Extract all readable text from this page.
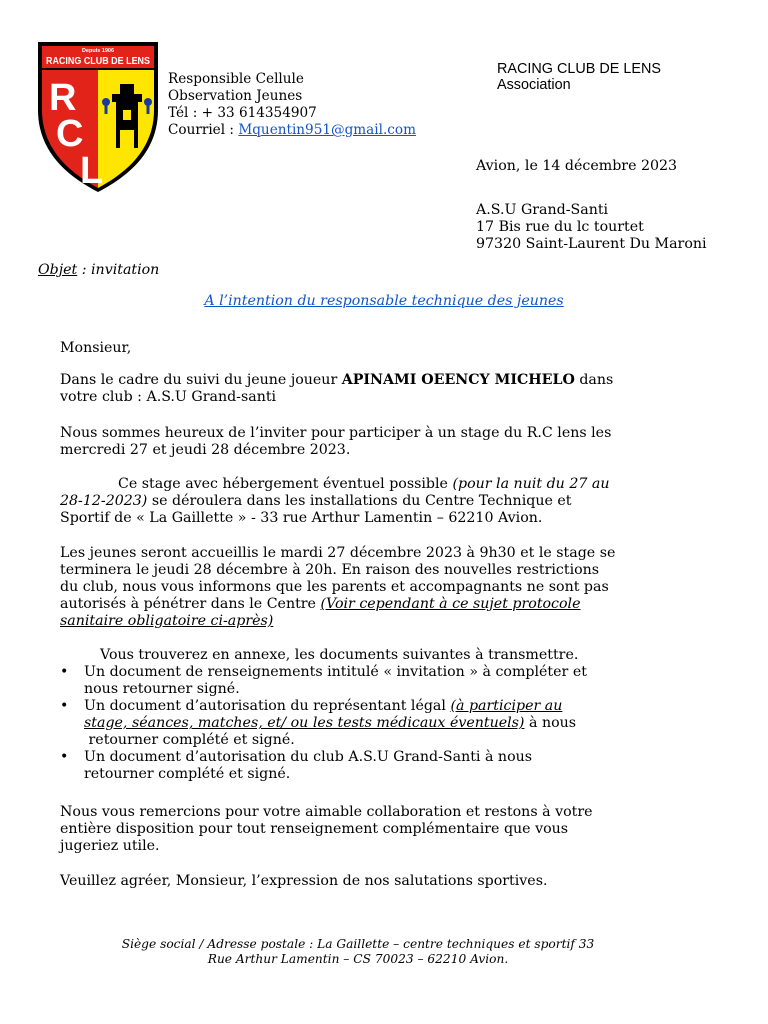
Depuis 1906
RACING CLUB DE LENS
R
C
L
Responsible Cellule
Observation Jeunes
Tél : + 33 614354907
Courriel : Mquentin951@gmail.com
RACING CLUB DE LENS
Association
Avion, le 14 décembre 2023
A.S.U Grand-Santi
17 Bis rue du lc tourtet
97320 Saint-Laurent Du Maroni
Objet : invitation
A l’intention du responsable technique des jeunes
Monsieur,
Dans le cadre du suivi du jeune joueur APINAMI OEENCY MICHELO dans
votre club : A.S.U Grand-santi
Nous sommes heureux de l’inviter pour participer à un stage du R.C lens les
mercredi 27 et jeudi 28 décembre 2023.
Ce stage avec hébergement éventuel possible (pour la nuit du 27 au
28-12-2023) se déroulera dans les installations du Centre Technique et
Sportif de « La Gaillette » - 33 rue Arthur Lamentin – 62210 Avion.
Les jeunes seront accueillis le mardi 27 décembre 2023 à 9h30 et le stage se
terminera le jeudi 28 décembre à 20h. En raison des nouvelles restrictions
du club, nous vous informons que les parents et accompagnants ne sont pas
autorisés à pénétrer dans le Centre (Voir cependant à ce sujet protocole
sanitaire obligatoire ci-après)
Vous trouverez en annexe, les documents suivantes à transmettre.
• Un document de renseignements intitulé « invitation » à compléter et
nous retourner signé.
• Un document d’autorisation du représentant légal (à participer au
stage, séances, matches, et/ ou les tests médicaux éventuels) à nous
retourner complété et signé.
• Un document d’autorisation du club A.S.U Grand-Santi à nous
retourner complété et signé.
Nous vous remercions pour votre aimable collaboration et restons à votre
entière disposition pour tout renseignement complémentaire que vous
jugeriez utile.
Veuillez agréer, Monsieur, l’expression de nos salutations sportives.
Siège social / Adresse postale : La Gaillette – centre techniques et sportif 33
Rue Arthur Lamentin – CS 70023 – 62210 Avion.
